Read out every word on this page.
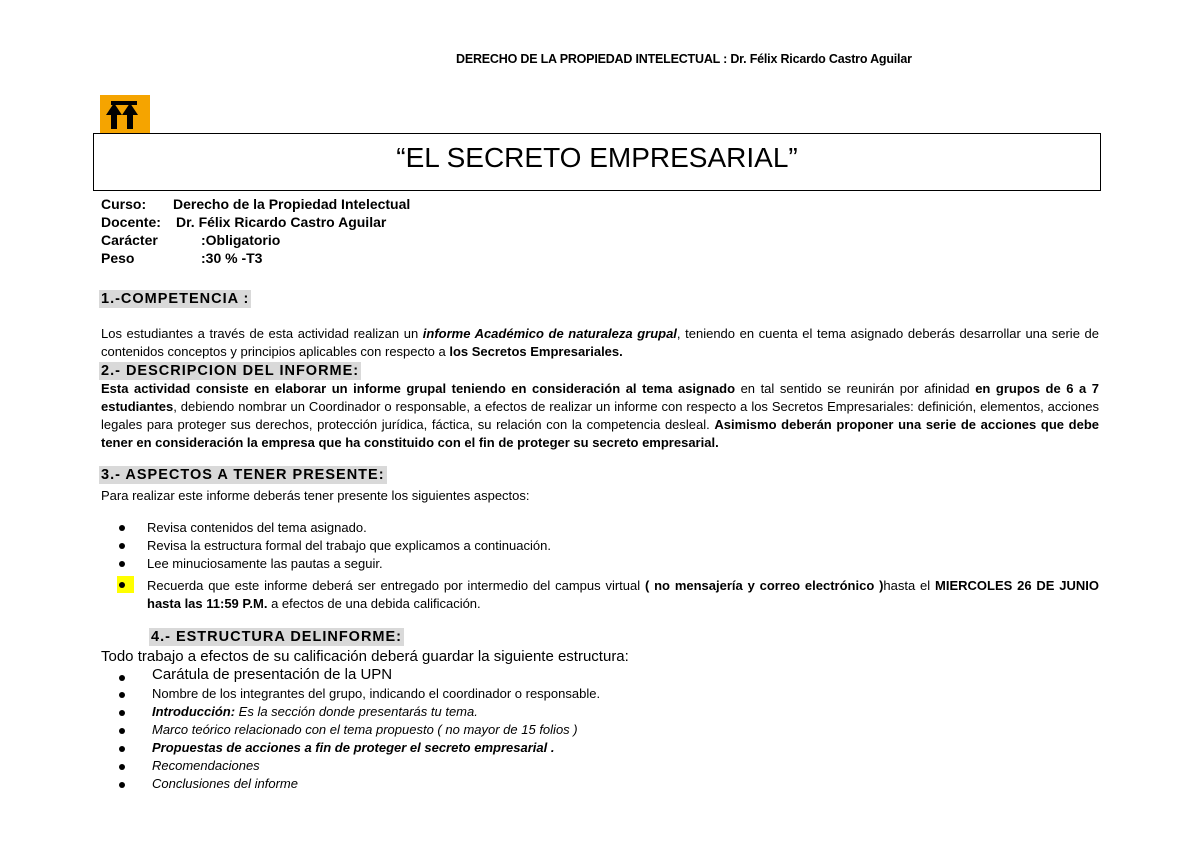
DERECHO DE LA PROPIEDAD INTELECTUAL : Dr. Félix Ricardo Castro Aguilar
“EL SECRETO EMPRESARIAL”
Curso: Derecho de la Propiedad Intelectual
Docente: Dr. Félix Ricardo Castro Aguilar
Carácter	:Obligatorio
Peso	:30 % -T3
1.-COMPETENCIA :
Los estudiantes a través de esta actividad realizan un informe Académico de naturaleza grupal, teniendo en cuenta el tema asignado deberás desarrollar una serie de contenidos conceptos y principios aplicables con respecto a los Secretos Empresariales.
2.- DESCRIPCION DEL INFORME:
Esta actividad consiste en elaborar un informe grupal teniendo en consideración al tema asignado en tal sentido se reunirán por afinidad en grupos de 6 a 7 estudiantes, debiendo nombrar un Coordinador o responsable, a efectos de realizar un informe con respecto a los Secretos Empresariales: definición, elementos, acciones legales para proteger sus derechos, protección jurídica, fáctica, su relación con la competencia desleal. Asimismo deberán proponer una serie de acciones que debe tener en consideración la empresa que ha constituido con el fin de proteger su secreto empresarial.
3.- ASPECTOS A TENER PRESENTE:
Para realizar este informe deberás tener presente los siguientes aspectos:
Revisa contenidos del tema asignado.
Revisa la estructura formal del trabajo que explicamos a continuación.
Lee minuciosamente las pautas a seguir.
Recuerda que este informe deberá ser entregado por intermedio del campus virtual ( no mensajería y correo electrónico )hasta el MIERCOLES 26 DE JUNIO hasta las 11:59 P.M. a efectos de una debida calificación.
4.- ESTRUCTURA DELINFORME:
Todo trabajo a efectos de su calificación deberá guardar la siguiente estructura:
Carátula de presentación de la UPN
Nombre de los integrantes del grupo, indicando el coordinador o responsable.
Introducción: Es la sección donde presentarás tu tema.
Marco teórico relacionado con el tema propuesto ( no mayor de 15 folios )
Propuestas de acciones a fin de proteger el secreto empresarial .
Recomendaciones
Conclusiones del informe
